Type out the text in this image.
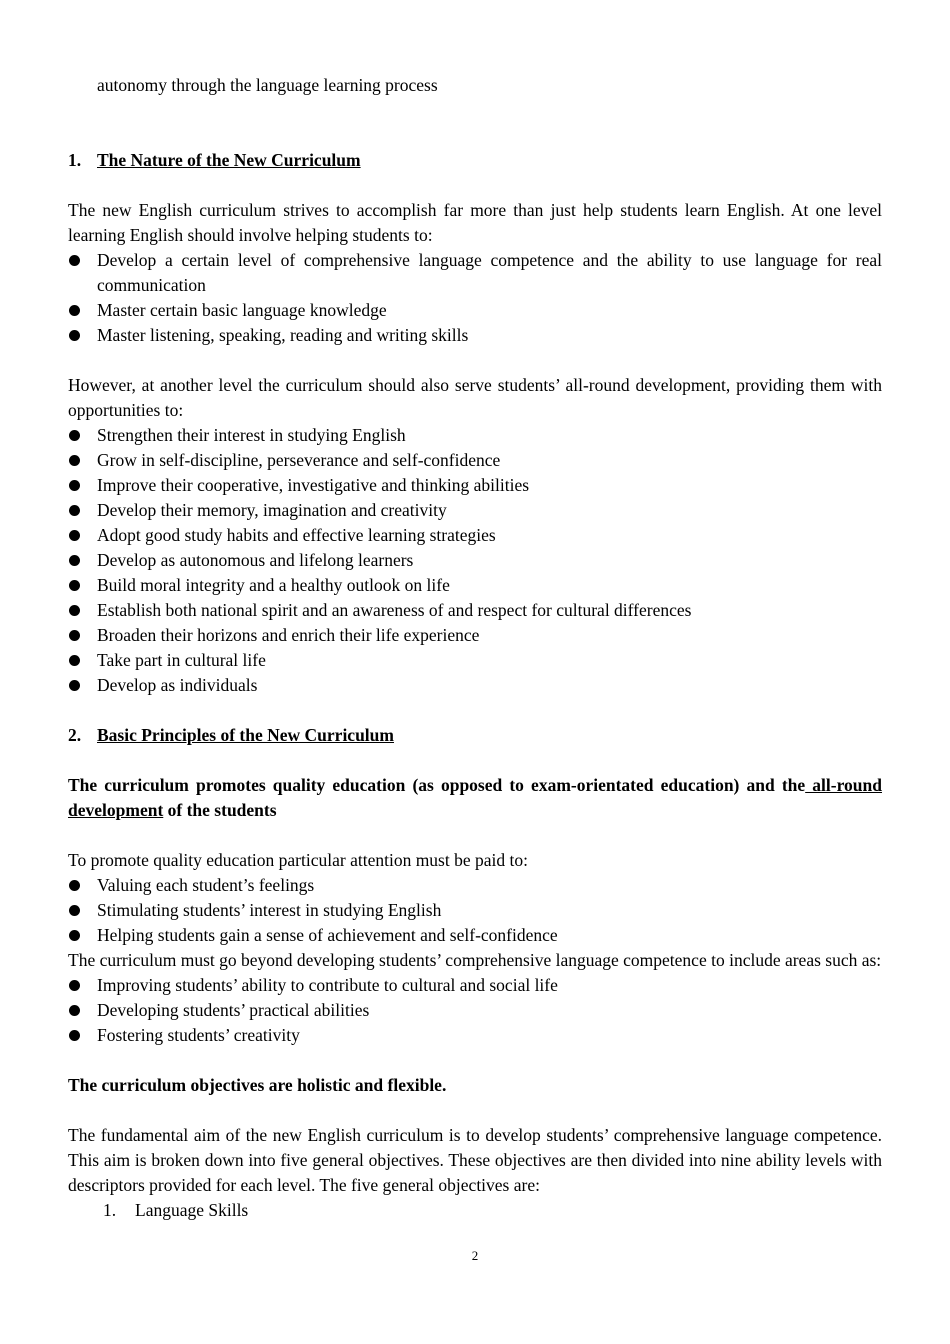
autonomy through the language learning process

1. The Nature of the New Curriculum

The new English curriculum strives to accomplish far more than just help students learn English. At one level learning English should involve helping students to:

Develop a certain level of comprehensive language competence and the ability to use language for real communication
Master certain basic language knowledge
Master listening, speaking, reading and writing skills

However, at another level the curriculum should also serve students’ all-round development, providing them with opportunities to:

Strengthen their interest in studying English
Grow in self-discipline, perseverance and self-confidence
Improve their cooperative, investigative and thinking abilities
Develop their memory, imagination and creativity
Adopt good study habits and effective learning strategies
Develop as autonomous and lifelong learners
Build moral integrity and a healthy outlook on life
Establish both national spirit and an awareness of and respect for cultural differences
Broaden their horizons and enrich their life experience
Take part in cultural life
Develop as individuals
2. Basic Principles of the New Curriculum

The curriculum promotes quality education (as opposed to exam-orientated education) and the all-round development of the students

To promote quality education particular attention must be paid to:

Valuing each student’s feelings
Stimulating students’ interest in studying English
Helping students gain a sense of achievement and self-confidence

The curriculum must go beyond developing students’ comprehensive language competence to include areas such as:

Improving students’ ability to contribute to cultural and social life
Developing students’ practical abilities
Fostering students’ creativity

The curriculum objectives are holistic and flexible.

The fundamental aim of the new English curriculum is to develop students’ comprehensive language competence. This aim is broken down into five general objectives. These objectives are then divided into nine ability levels with descriptors provided for each level. The five general objectives are:

1.	Language Skills
2
